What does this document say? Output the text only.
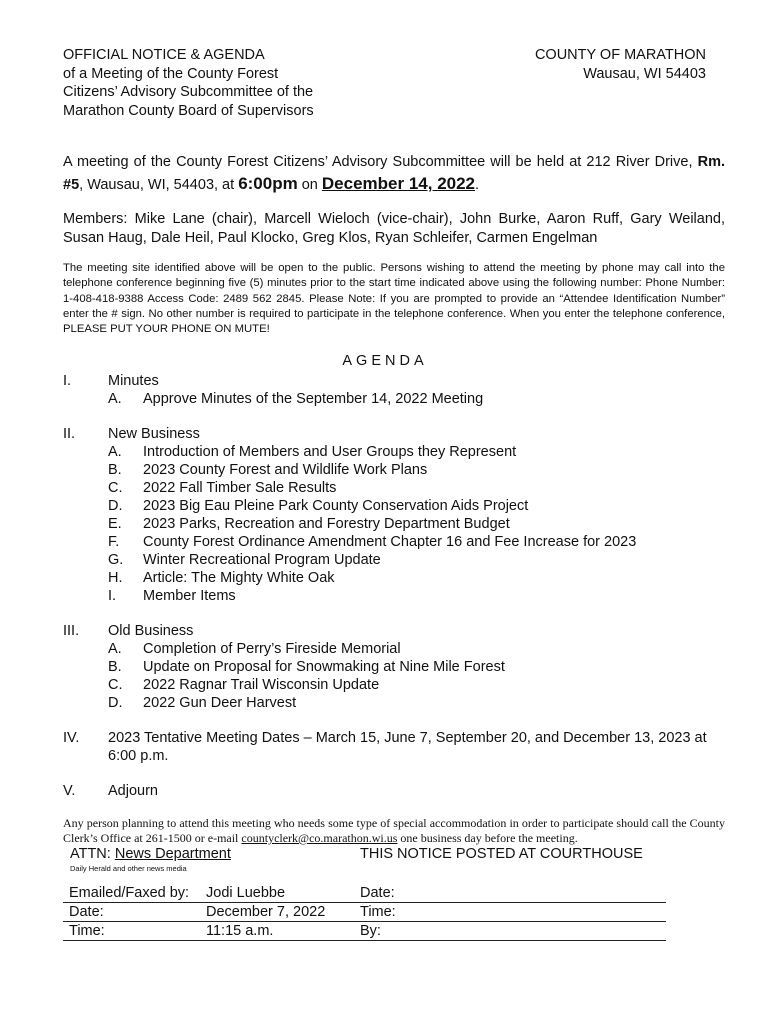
OFFICIAL NOTICE & AGENDA
of a Meeting of the County Forest
Citizens’ Advisory Subcommittee of the
Marathon County Board of Supervisors
COUNTY OF MARATHON
Wausau, WI 54403
A meeting of the County Forest Citizens’ Advisory Subcommittee will be held at 212 River Drive, Rm. #5, Wausau, WI, 54403, at 6:00pm on December 14, 2022.
Members: Mike Lane (chair), Marcell Wieloch (vice-chair), John Burke, Aaron Ruff, Gary Weiland, Susan Haug, Dale Heil, Paul Klocko, Greg Klos, Ryan Schleifer, Carmen Engelman
The meeting site identified above will be open to the public. Persons wishing to attend the meeting by phone may call into the telephone conference beginning five (5) minutes prior to the start time indicated above using the following number: Phone Number: 1-408-418-9388 Access Code: 2489 562 2845. Please Note: If you are prompted to provide an “Attendee Identification Number” enter the # sign. No other number is required to participate in the telephone conference. When you enter the telephone conference, PLEASE PUT YOUR PHONE ON MUTE!
AGENDA
I.	Minutes
A. Approve Minutes of the September 14, 2022 Meeting
II. New Business
A. Introduction of Members and User Groups they Represent
B. 2023 County Forest and Wildlife Work Plans
C. 2022 Fall Timber Sale Results
D. 2023 Big Eau Pleine Park County Conservation Aids Project
E. 2023 Parks, Recreation and Forestry Department Budget
F. County Forest Ordinance Amendment Chapter 16 and Fee Increase for 2023
G. Winter Recreational Program Update
H. Article: The Mighty White Oak
I. Member Items
III. Old Business
A. Completion of Perry’s Fireside Memorial
B. Update on Proposal for Snowmaking at Nine Mile Forest
C. 2022 Ragnar Trail Wisconsin Update
D. 2022 Gun Deer Harvest
IV. 2023 Tentative Meeting Dates – March 15, June 7, September 20, and December 13, 2023 at 6:00 p.m.
V. Adjourn
Any person planning to attend this meeting who needs some type of special accommodation in order to participate should call the County Clerk’s Office at 261-1500 or e-mail countyclerk@co.marathon.wi.us one business day before the meeting.
ATTN: News Department	THIS NOTICE POSTED AT COURTHOUSE
Daily Herald and other news media
Emailed/Faxed by: Jodi Luebbe	Date:
Date:	December 7, 2022 Time:
Time:	11:15 a.m.	By:
